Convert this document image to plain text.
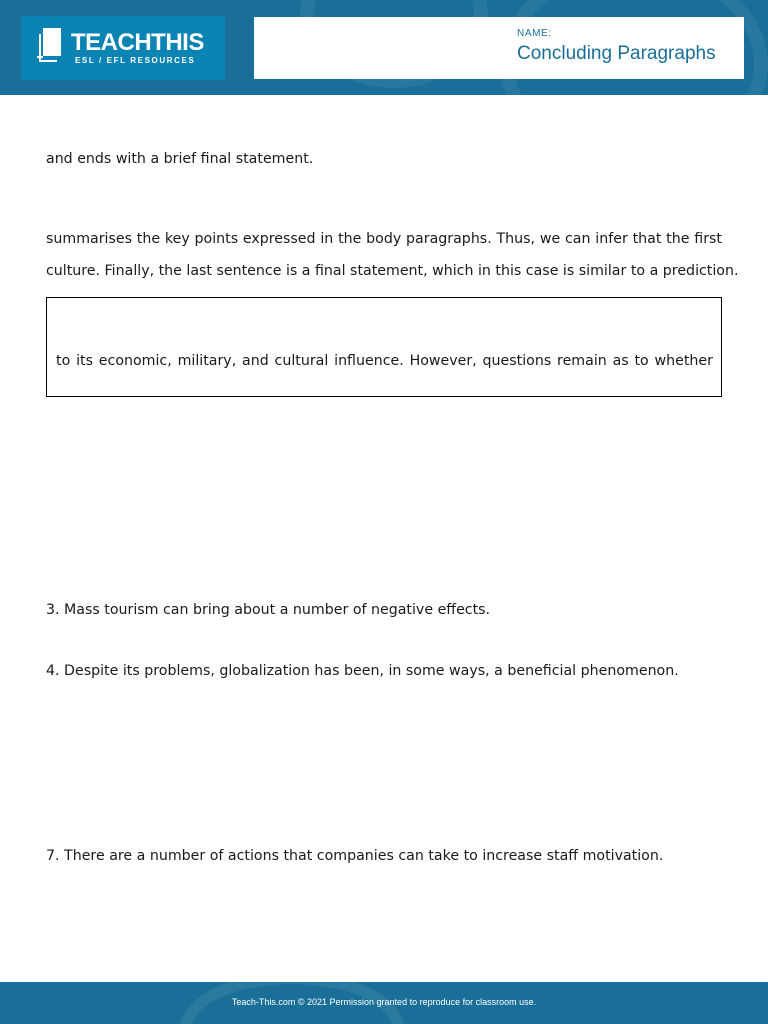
TEACHTHIS
ESL / EFL RESOURCES
NAME:
Concluding Paragraphs
and ends with a brief final statement.
summarises the key points expressed in the body paragraphs. Thus, we can infer that the first
culture. Finally, the last sentence is a final statement, which in this case is similar to a prediction.
to its economic, military, and cultural influence. However, questions remain as to whether
3. Mass tourism can bring about a number of negative effects.
4. Despite its problems, globalization has been, in some ways, a beneficial phenomenon.
7. There are a number of actions that companies can take to increase staff motivation.
Teach-This.com © 2021 Permission granted to reproduce for classroom use.
